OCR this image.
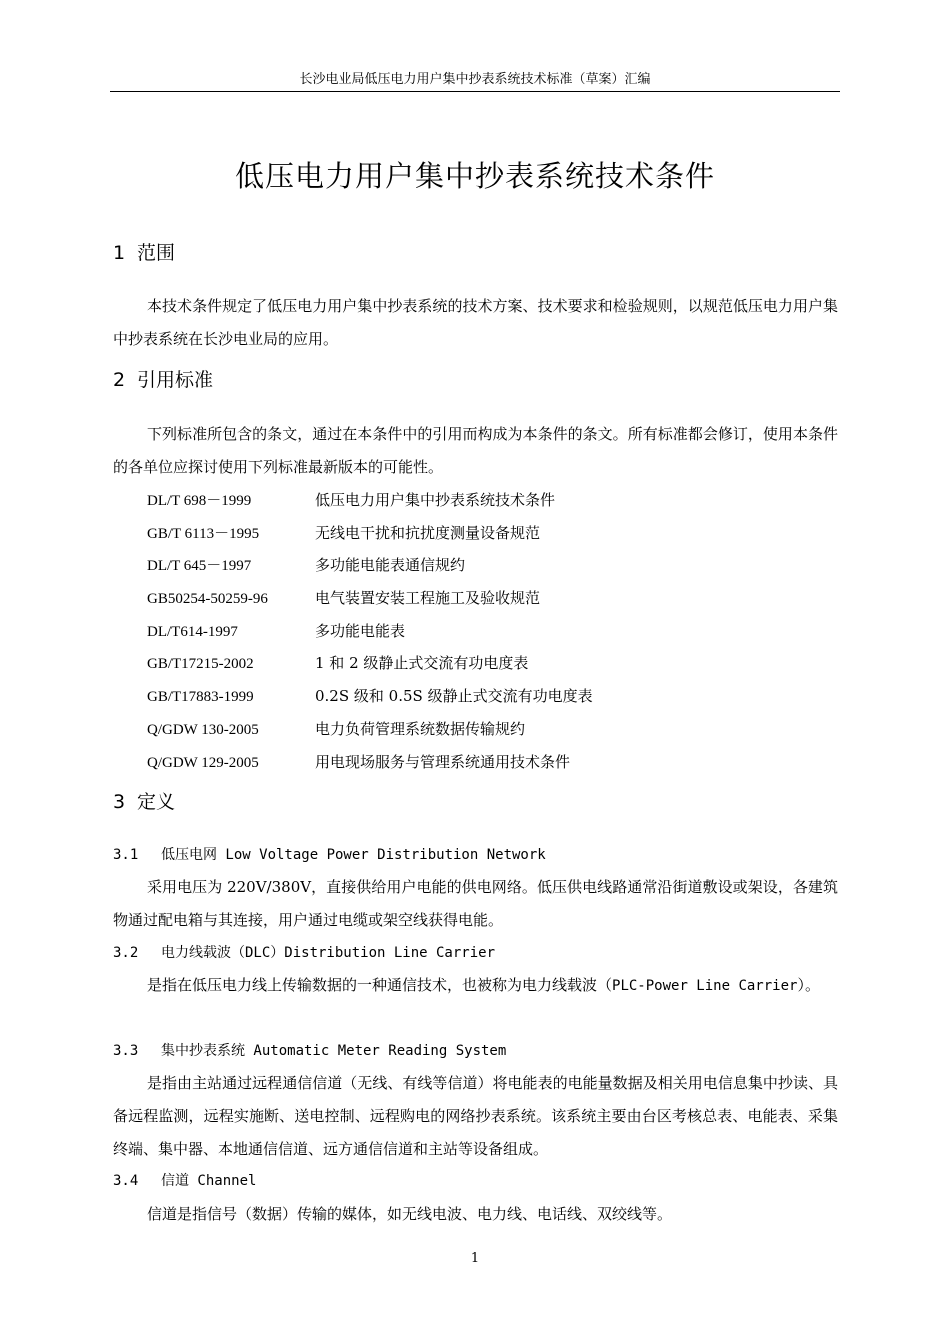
长沙电业局低压电力用户集中抄表系统技术标准（草案）汇编
低压电力用户集中抄表系统技术条件
1 范围

本技术条件规定了低压电力用户集中抄表系统的技术方案、技术要求和检验规则，以规范低压电力用户集中抄表系统在长沙电业局的应用。

2 引用标准

下列标准所包含的条文，通过在本条件中的引用而构成为本条件的条文。所有标准都会修订，使用本条件的各单位应探讨使用下列标准最新版本的可能性。

DL/T 698－1999	低压电力用户集中抄表系统技术条件
GB/T 6113－1995	无线电干扰和抗扰度测量设备规范
DL/T 645－1997	多功能电能表通信规约
GB50254-50259-96	电气装置安装工程施工及验收规范
DL/T614-1997	多功能电能表
GB/T17215-2002	1 和 2 级静止式交流有功电度表
GB/T17883-1999	0.2S 级和 0.5S 级静止式交流有功电度表
Q/GDW 130-2005	电力负荷管理系统数据传输规约
Q/GDW 129-2005	用电现场服务与管理系统通用技术条件
3 定义
3.1 低压电网 Low Voltage Power Distribution Network

采用电压为 220V/380V，直接供给用户电能的供电网络。低压供电线路通常沿街道敷设或架设，各建筑物通过配电箱与其连接，用户通过电缆或架空线获得电能。

3.2 电力线载波（DLC）Distribution Line Carrier

是指在低压电力线上传输数据的一种通信技术，也被称为电力线载波（PLC-Power Line Carrier）。

3.3 集中抄表系统 Automatic Meter Reading System

是指由主站通过远程通信信道（无线、有线等信道）将电能表的电能量数据及相关用电信息集中抄读、具备远程监测，远程实施断、送电控制、远程购电的网络抄表系统。该系统主要由台区考核总表、电能表、采集终端、集中器、本地通信信道、远方通信信道和主站等设备组成。

3.4 信道 Channel

信道是指信号（数据）传输的媒体，如无线电波、电力线、电话线、双绞线等。

1
